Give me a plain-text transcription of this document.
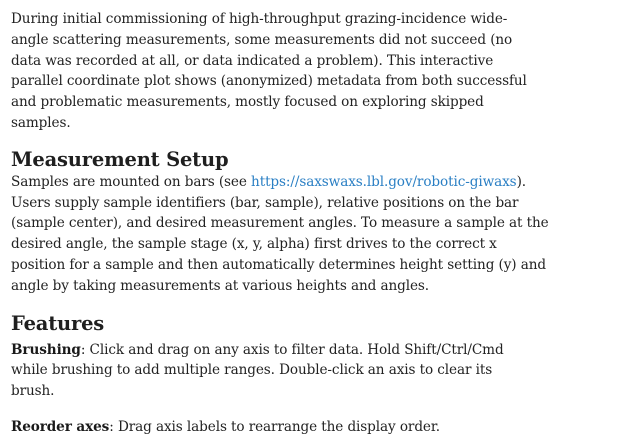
During initial commissioning of high-throughput grazing-incidence wide-angle scattering measurements, some measurements did not succeed (no data was recorded at all, or data indicated a problem). This interactive parallel coordinate plot shows (anonymized) metadata from both successful and problematic measurements, mostly focused on exploring skipped samples.

Measurement Setup

Samples are mounted on bars (see https://saxswaxs.lbl.gov/robotic-giwaxs). Users supply sample identifiers (bar, sample), relative positions on the bar (sample center), and desired measurement angles. To measure a sample at the desired angle, the sample stage (x, y, alpha) first drives to the correct x position for a sample and then automatically determines height setting (y) and angle by taking measurements at various heights and angles.

Features

Brushing: Click and drag on any axis to filter data. Hold Shift/Ctrl/Cmd while brushing to add multiple ranges. Double-click an axis to clear its brush.

Reorder axes: Drag axis labels to rearrange the display order.
